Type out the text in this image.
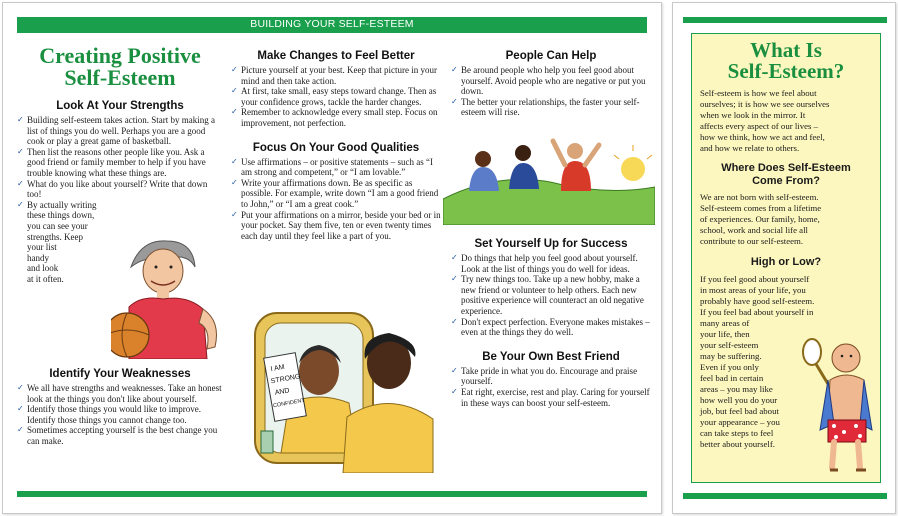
BUILDING YOUR SELF-ESTEEM
Creating Positive
Self-Esteem
Look At Your Strengths
✓ Building self-esteem takes action. Start by making a list of things you do well. Perhaps you are a good cook or play a great game of basketball.
✓ Then list the reasons other people like you. Ask a good friend or family member to help if you have trouble knowing what these things are.
✓ What do you like about yourself? Write that down too!
✓ By actually writing
these things down,
you can see your
strengths. Keep
your list
handy
and look
at it often.
Identify Your Weaknesses
✓ We all have strengths and weaknesses. Take an honest look at the things you don't like about yourself.
✓ Identify those things you would like to improve. Identify those things you cannot change too.
✓ Sometimes accepting yourself is the best change you can make.
Make Changes to Feel Better
✓ Picture yourself at your best. Keep that picture in your mind and then take action.
✓ At first, take small, easy steps toward change. Then as your confidence grows, tackle the harder changes.
✓ Remember to acknowledge every small step. Focus on improvement, not perfection.
Focus On Your Good Qualities
✓ Use affirmations – or positive statements – such as “I am strong and competent,” or “I am lovable.”
✓ Write your affirmations down. Be as specific as possible. For example, write down “I am a good friend to John,” or “I am a great cook.”
✓ Put your affirmations on a mirror, beside your bed or in your pocket. Say them five, ten or even twenty times each day until they feel like a part of you.
I AM STRONG AND CONFIDENT
People Can Help
✓ Be around people who help you feel good about yourself. Avoid people who are negative or put you down.
✓ The better your relationships, the faster your self-esteem will rise.
Set Yourself Up for Success
✓ Do things that help you feel good about yourself. Look at the list of things you do well for ideas.
✓ Try new things too. Take up a new hobby, make a new friend or volunteer to help others. Each new positive experience will counteract an old negative experience.
✓ Don't expect perfection. Everyone makes mistakes – even at the things they do well.
Be Your Own Best Friend
✓ Take pride in what you do. Encourage and praise yourself.
✓ Eat right, exercise, rest and play. Caring for yourself in these ways can boost your self-esteem.
What Is
Self-Esteem?
Self-esteem is how we feel about
ourselves; it is how we see ourselves
when we look in the mirror. It
affects every aspect of our lives –
how we think, how we act and feel,
and how we relate to others.
Where Does Self-Esteem
Come From?
We are not born with self-esteem.
Self-esteem comes from a lifetime
of experiences. Our family, home,
school, work and social life all
contribute to our self-esteem.
High or Low?
If you feel good about yourself
in most areas of your life, you
probably have good self-esteem.
If you feel bad about yourself in
many areas of
your life, then
your self-esteem
may be suffering.
Even if you only
feel bad in certain
areas – you may like
how well you do your
job, but feel bad about
your appearance – you
can take steps to feel
better about yourself.
